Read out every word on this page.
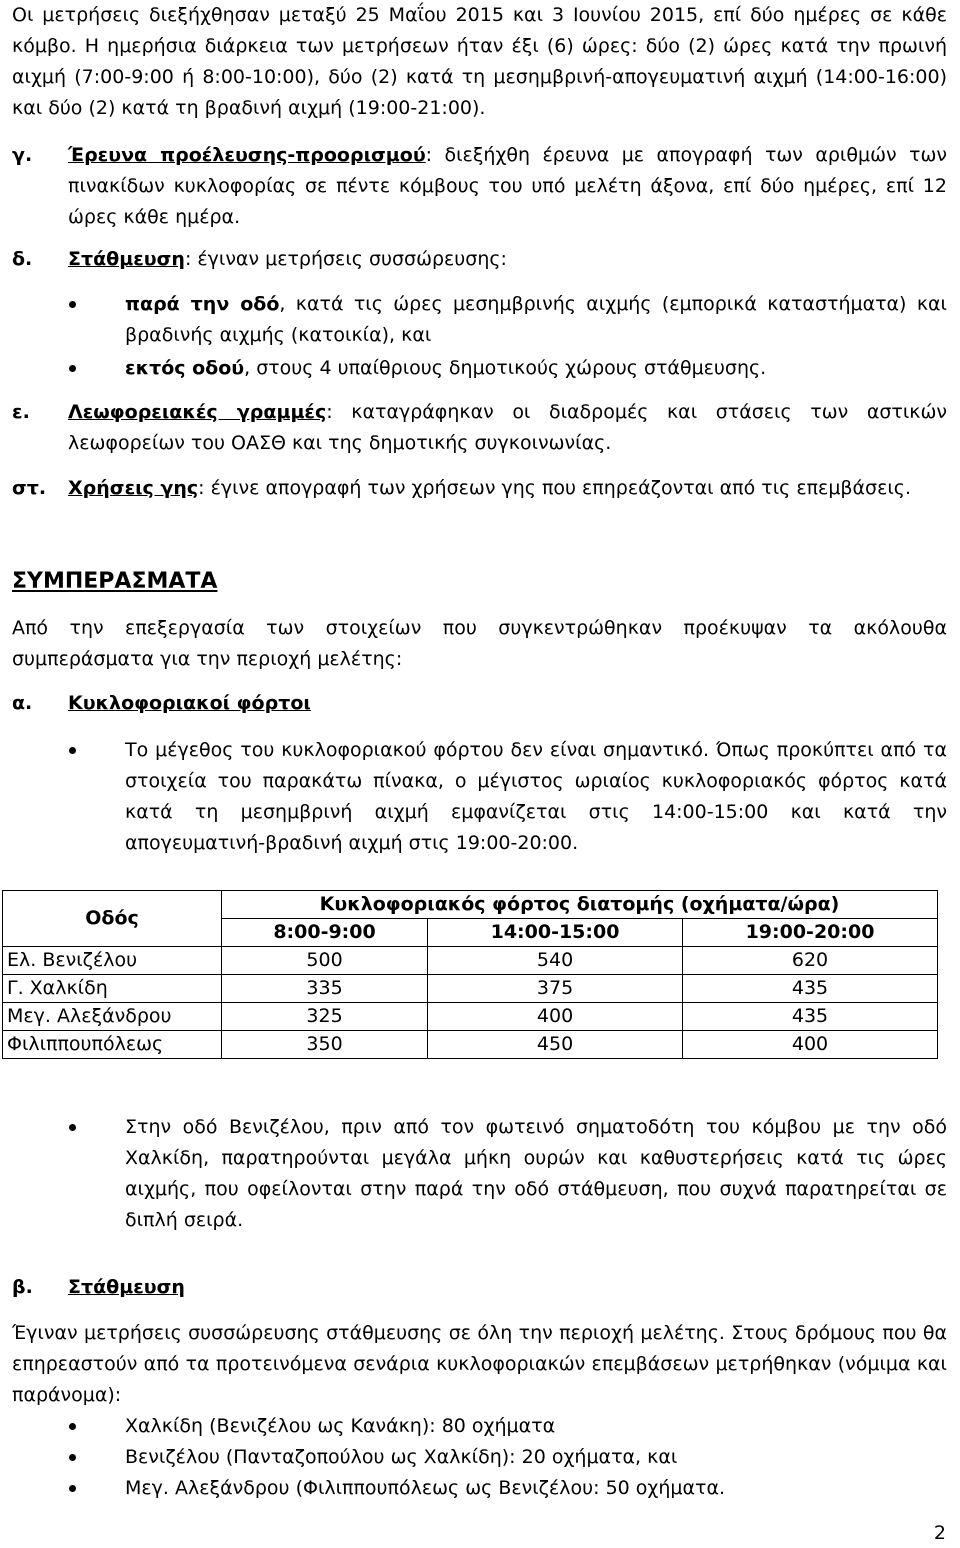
Οι μετρήσεις διεξήχθησαν μεταξύ 25 Μαΐου 2015 και 3 Ιουνίου 2015, επί δύο ημέρες σε κάθε κόμβο. Η ημερήσια διάρκεια των μετρήσεων ήταν έξι (6) ώρες: δύο (2) ώρες κατά την πρωινή αιχμή (7:00-9:00 ή 8:00-10:00), δύο (2) κατά τη μεσημβρινή-απογευματινή αιχμή (14:00-16:00) και δύο (2) κατά τη βραδινή αιχμή (19:00-21:00).

γ.	Έρευνα προέλευσης-προορισμού: διεξήχθη έρευνα με απογραφή των αριθμών των πινακίδων κυκλοφορίας σε πέντε κόμβους του υπό μελέτη άξονα, επί δύο ημέρες, επί 12 ώρες κάθε ημέρα.
δ.	Στάθμευση: έγιναν μετρήσεις συσσώρευσης:
παρά την οδό, κατά τις ώρες μεσημβρινής αιχμής (εμπορικά καταστήματα) και βραδινής αιχμής (κατοικία), και
εκτός οδού, στους 4 υπαίθριους δημοτικούς χώρους στάθμευσης.
ε.	Λεωφορειακές γραμμές: καταγράφηκαν οι διαδρομές και στάσεις των αστικών λεωφορείων του ΟΑΣΘ και της δημοτικής συγκοινωνίας.
στ.	Χρήσεις γης: έγινε απογραφή των χρήσεων γης που επηρεάζονται από τις επεμβάσεις.

ΣΥΜΠΕΡΑΣΜΑΤΑ

Από την επεξεργασία των στοιχείων που συγκεντρώθηκαν προέκυψαν τα ακόλουθα συμπεράσματα για την περιοχή μελέτης:

α.	Κυκλοφοριακοί φόρτοι
Το μέγεθος του κυκλοφοριακού φόρτου δεν είναι σημαντικό. Όπως προκύπτει από τα στοιχεία του παρακάτω πίνακα, ο μέγιστος ωριαίος κυκλοφοριακός φόρτος κατά κατά τη μεσημβρινή αιχμή εμφανίζεται στις 14:00-15:00 και κατά την απογευματινή-βραδινή αιχμή στις 19:00-20:00.
Οδός	Κυκλοφοριακός φόρτος διατομής (οχήματα/ώρα)		
	8:00-9:00	14:00-15:00	19:00-20:00
Ελ. Βενιζέλου	500	540	620
Γ. Χαλκίδη	335	375	435
Μεγ. Αλεξάνδρου	325	400	435
Φιλιππουπόλεως	350	450	400
Στην οδό Βενιζέλου, πριν από τον φωτεινό σηματοδότη του κόμβου με την οδό Χαλκίδη, παρατηρούνται μεγάλα μήκη ουρών και καθυστερήσεις κατά τις ώρες αιχμής, που οφείλονται στην παρά την οδό στάθμευση, που συχνά παρατηρείται σε διπλή σειρά.
β.	Στάθμευση

Έγιναν μετρήσεις συσσώρευσης στάθμευσης σε όλη την περιοχή μελέτης. Στους δρόμους που θα επηρεαστούν από τα προτεινόμενα σενάρια κυκλοφοριακών επεμβάσεων μετρήθηκαν (νόμιμα και παράνομα):

Χαλκίδη (Βενιζέλου ως Κανάκη): 80 οχήματα
Βενιζέλου (Πανταζοπούλου ως Χαλκίδη): 20 οχήματα, και
Μεγ. Αλεξάνδρου (Φιλιππουπόλεως ως Βενιζέλου: 50 οχήματα.
2
